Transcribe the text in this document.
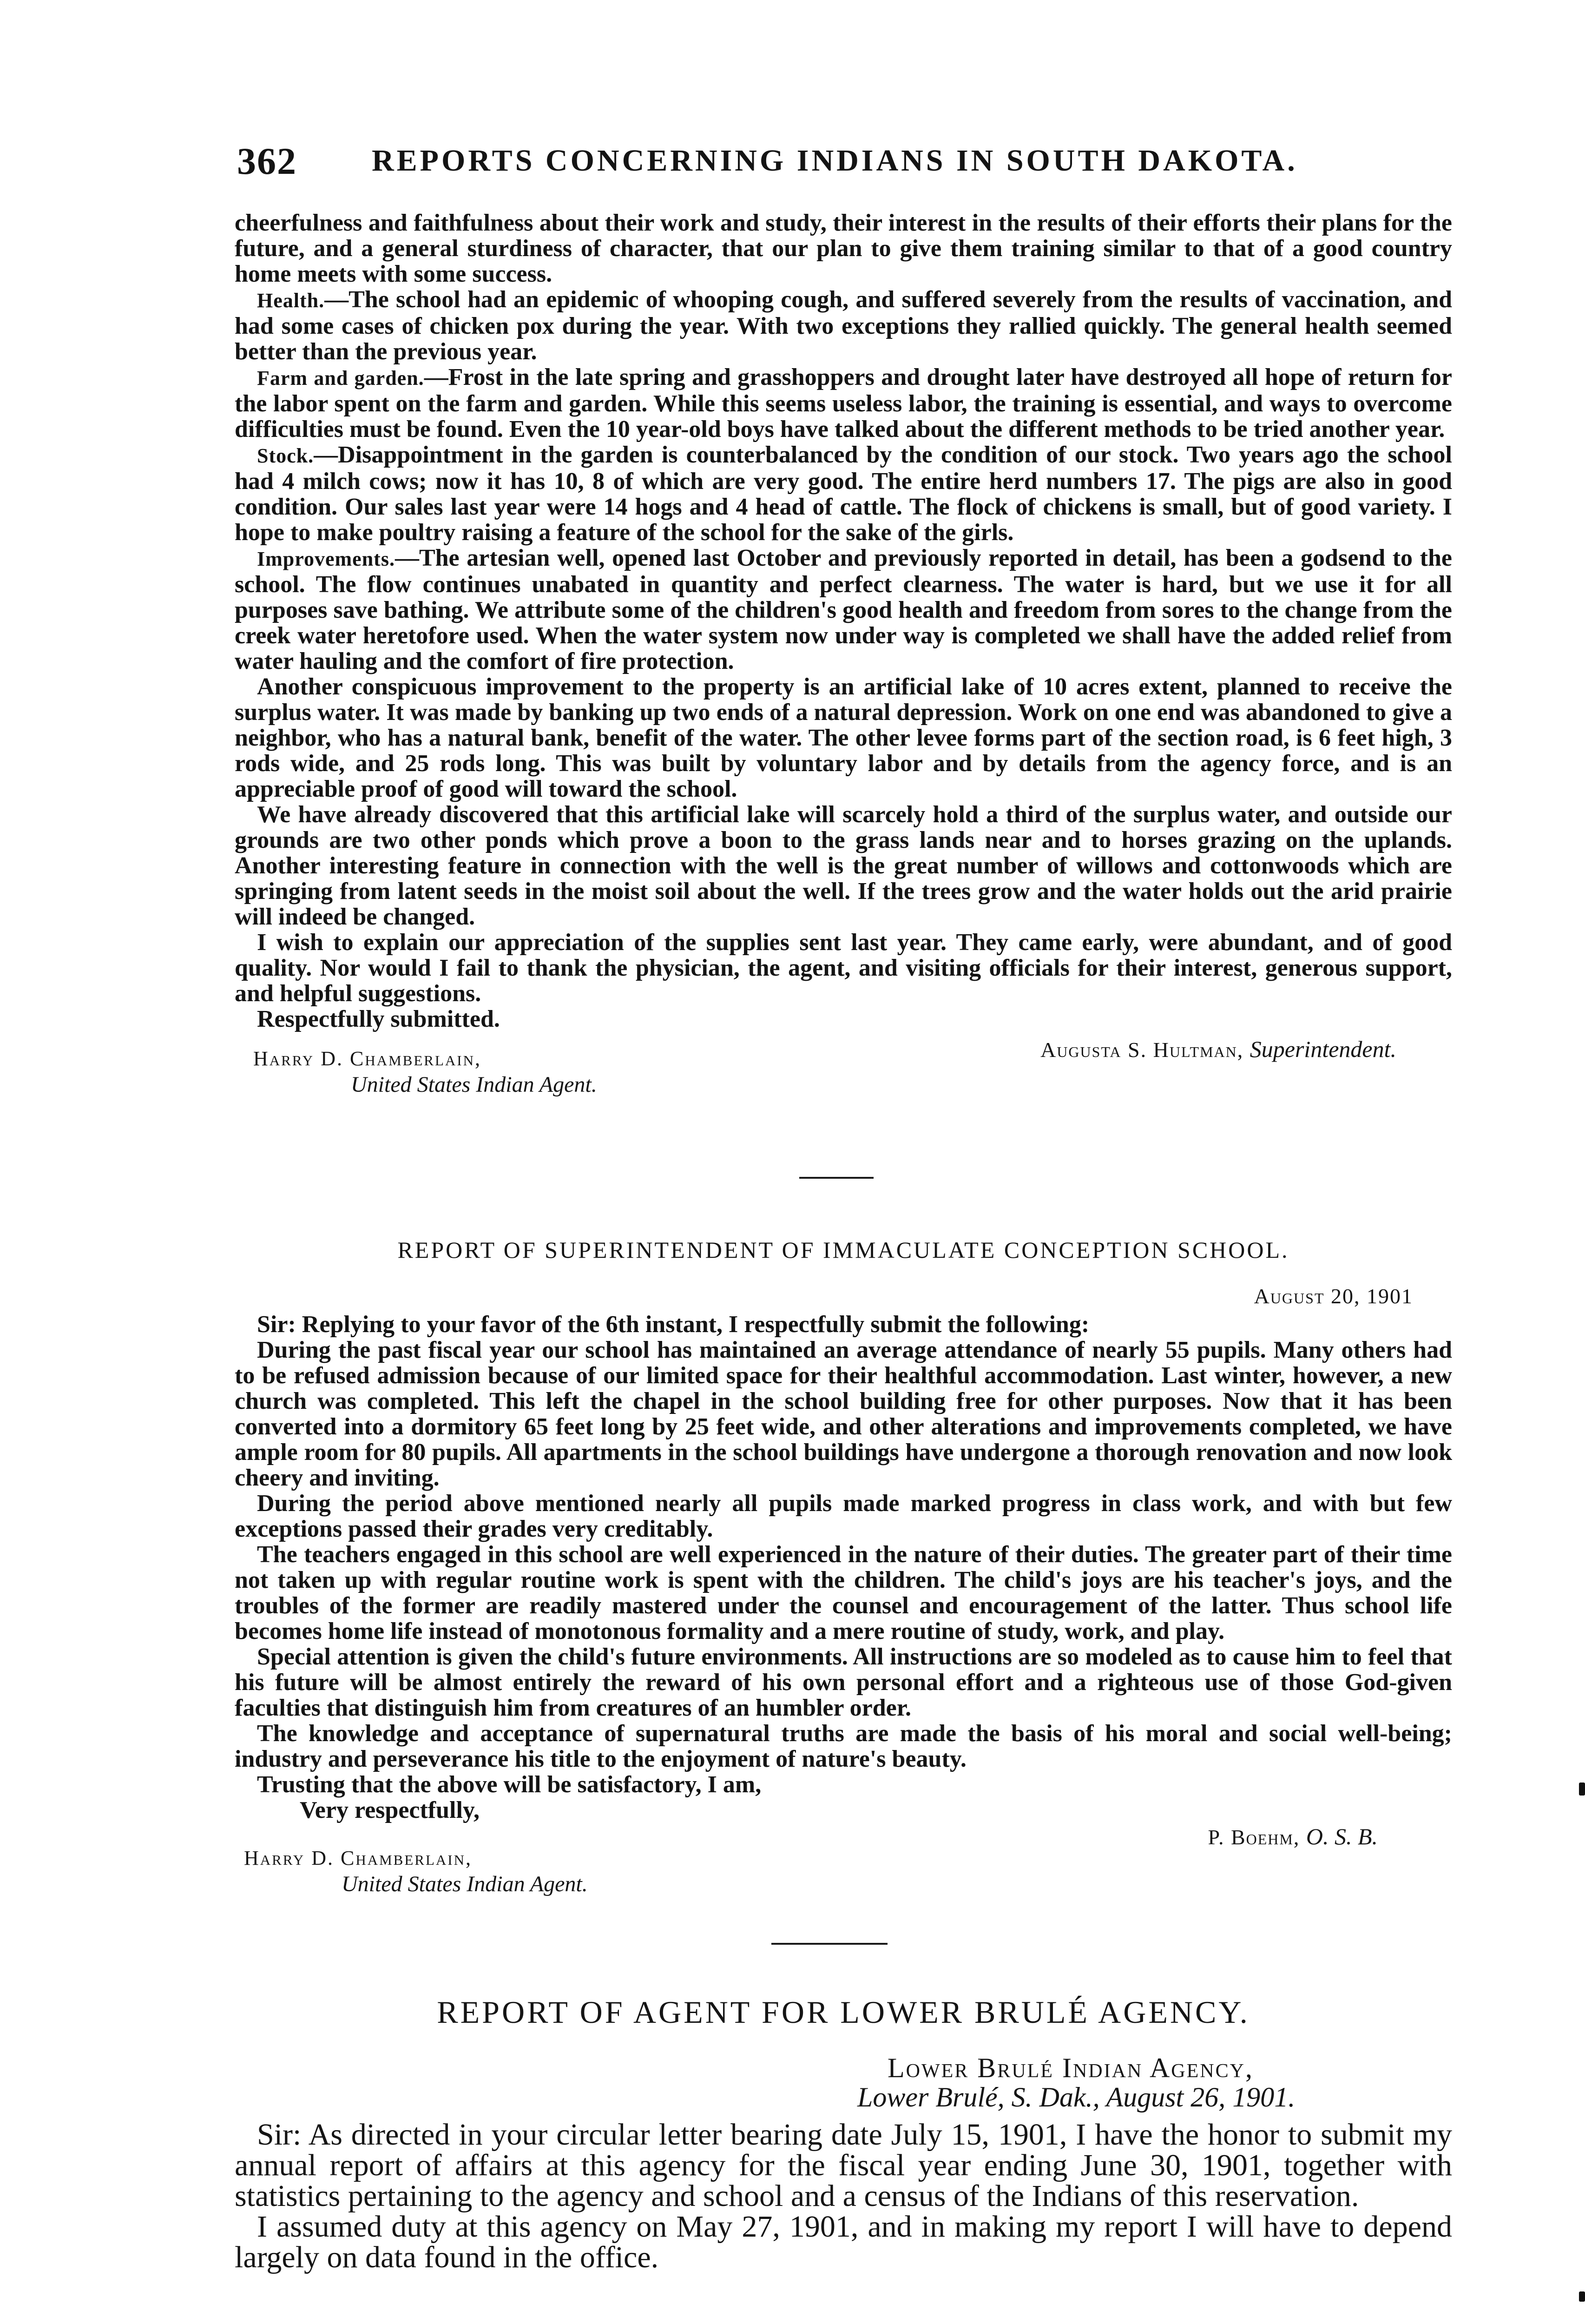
362 REPORTS CONCERNING INDIANS IN SOUTH DAKOTA.

cheerfulness and faithfulness about their work and study, their interest in the results of their efforts their plans for the future, and a general sturdiness of character, that our plan to give them training similar to that of a good country home meets with some success.

Health.—The school had an epidemic of whooping cough, and suffered severely from the results of vaccination, and had some cases of chicken pox during the year. With two exceptions they rallied quickly. The general health seemed better than the previous year.

Farm and garden.—Frost in the late spring and grasshoppers and drought later have destroyed all hope of return for the labor spent on the farm and garden. While this seems useless labor, the training is essential, and ways to overcome difficulties must be found. Even the 10 year-old boys have talked about the different methods to be tried another year.

Stock.—Disappointment in the garden is counterbalanced by the condition of our stock. Two years ago the school had 4 milch cows; now it has 10, 8 of which are very good. The entire herd numbers 17. The pigs are also in good condition. Our sales last year were 14 hogs and 4 head of cattle. The flock of chickens is small, but of good variety. I hope to make poultry raising a feature of the school for the sake of the girls.

Improvements.—The artesian well, opened last October and previously reported in detail, has been a godsend to the school. The flow continues unabated in quantity and perfect clearness. The water is hard, but we use it for all purposes save bathing. We attribute some of the children's good health and freedom from sores to the change from the creek water heretofore used. When the water system now under way is completed we shall have the added relief from water hauling and the comfort of fire protection.

Another conspicuous improvement to the property is an artificial lake of 10 acres extent, planned to receive the surplus water. It was made by banking up two ends of a natural depression. Work on one end was abandoned to give a neighbor, who has a natural bank, benefit of the water. The other levee forms part of the section road, is 6 feet high, 3 rods wide, and 25 rods long. This was built by voluntary labor and by details from the agency force, and is an appreciable proof of good will toward the school.

We have already discovered that this artificial lake will scarcely hold a third of the surplus water, and outside our grounds are two other ponds which prove a boon to the grass lands near and to horses grazing on the uplands. Another interesting feature in connection with the well is the great number of willows and cottonwoods which are springing from latent seeds in the moist soil about the well. If the trees grow and the water holds out the arid prairie will indeed be changed.

I wish to explain our appreciation of the supplies sent last year. They came early, were abundant, and of good quality. Nor would I fail to thank the physician, the agent, and visiting officials for their interest, generous support, and helpful suggestions.

Respectfully submitted.

Harry D. Chamberlain,
United States Indian Agent.
Augusta S. Hultman, Superintendent.
REPORT OF SUPERINTENDENT OF IMMACULATE CONCEPTION SCHOOL.
August 20, 1901

Sir: Replying to your favor of the 6th instant, I respectfully submit the following:

During the past fiscal year our school has maintained an average attendance of nearly 55 pupils. Many others had to be refused admission because of our limited space for their healthful accommodation. Last winter, however, a new church was completed. This left the chapel in the school building free for other purposes. Now that it has been converted into a dormitory 65 feet long by 25 feet wide, and other alterations and improvements completed, we have ample room for 80 pupils. All apartments in the school buildings have undergone a thorough renovation and now look cheery and inviting.

During the period above mentioned nearly all pupils made marked progress in class work, and with but few exceptions passed their grades very creditably.

The teachers engaged in this school are well experienced in the nature of their duties. The greater part of their time not taken up with regular routine work is spent with the children. The child's joys are his teacher's joys, and the troubles of the former are readily mastered under the counsel and encouragement of the latter. Thus school life becomes home life instead of monotonous formality and a mere routine of study, work, and play.

Special attention is given the child's future environments. All instructions are so modeled as to cause him to feel that his future will be almost entirely the reward of his own personal effort and a righteous use of those God-given faculties that distinguish him from creatures of an humbler order.

The knowledge and acceptance of supernatural truths are made the basis of his moral and social well-being; industry and perseverance his title to the enjoyment of nature's beauty.

Trusting that the above will be satisfactory, I am,

Very respectfully,

Harry D. Chamberlain,
United States Indian Agent.
P. Boehm, O. S. B.
REPORT OF AGENT FOR LOWER BRULÉ AGENCY.
Lower Brulé Indian Agency,
Lower Brulé, S. Dak., August 26, 1901.

Sir: As directed in your circular letter bearing date July 15, 1901, I have the honor to submit my annual report of affairs at this agency for the fiscal year ending June 30, 1901, together with statistics pertaining to the agency and school and a census of the Indians of this reservation.

I assumed duty at this agency on May 27, 1901, and in making my report I will have to depend largely on data found in the office.
